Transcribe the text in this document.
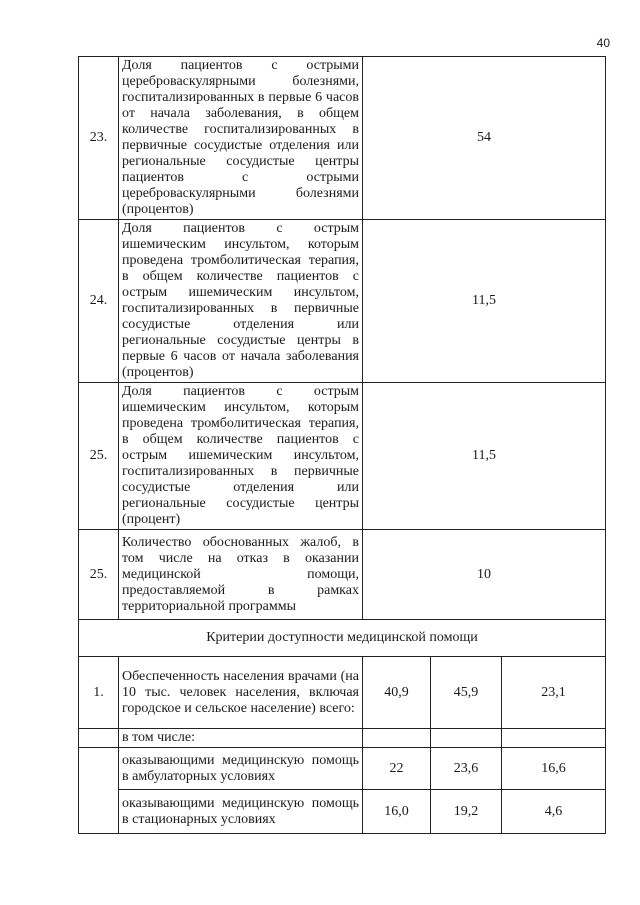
40
23.	Доля пациентов с острыми цереброваскулярными болезнями, госпитализированных в первые 6 часов от начала заболевания, в общем количестве госпитализированных в первичные сосудистые отделения или региональные сосудистые центры пациентов с острыми цереброваскулярными болезнями (процентов)	54		
24.	Доля пациентов с острым ишемическим инсультом, которым проведена тромболитическая терапия, в общем количестве пациентов с острым ишемическим инсультом, госпитализированных в первичные сосудистые отделения или региональные сосудистые центры в первые 6 часов от начала заболевания (процентов)	11,5		
25.	Доля пациентов с острым ишемическим инсультом, которым проведена тромболитическая терапия, в общем количестве пациентов с острым ишемическим инсультом, госпитализированных в первичные сосудистые отделения или региональные сосудистые центры (процент)	11,5		
25.	Количество обоснованных жалоб, в том числе на отказ в оказании медицинской помощи, предоставляемой в рамках территориальной программы	10		
Критерии доступности медицинской помощи				
1.	Обеспеченность населения врачами (на 10 тыс. человек населения, включая городское и сельское население) всего:	40,9	45,9	23,1
	в том числе:			
	оказывающими медицинскую помощь в амбулаторных условиях	22	23,6	16,6
	оказывающими медицинскую помощь в стационарных условиях	16,0	19,2	4,6
